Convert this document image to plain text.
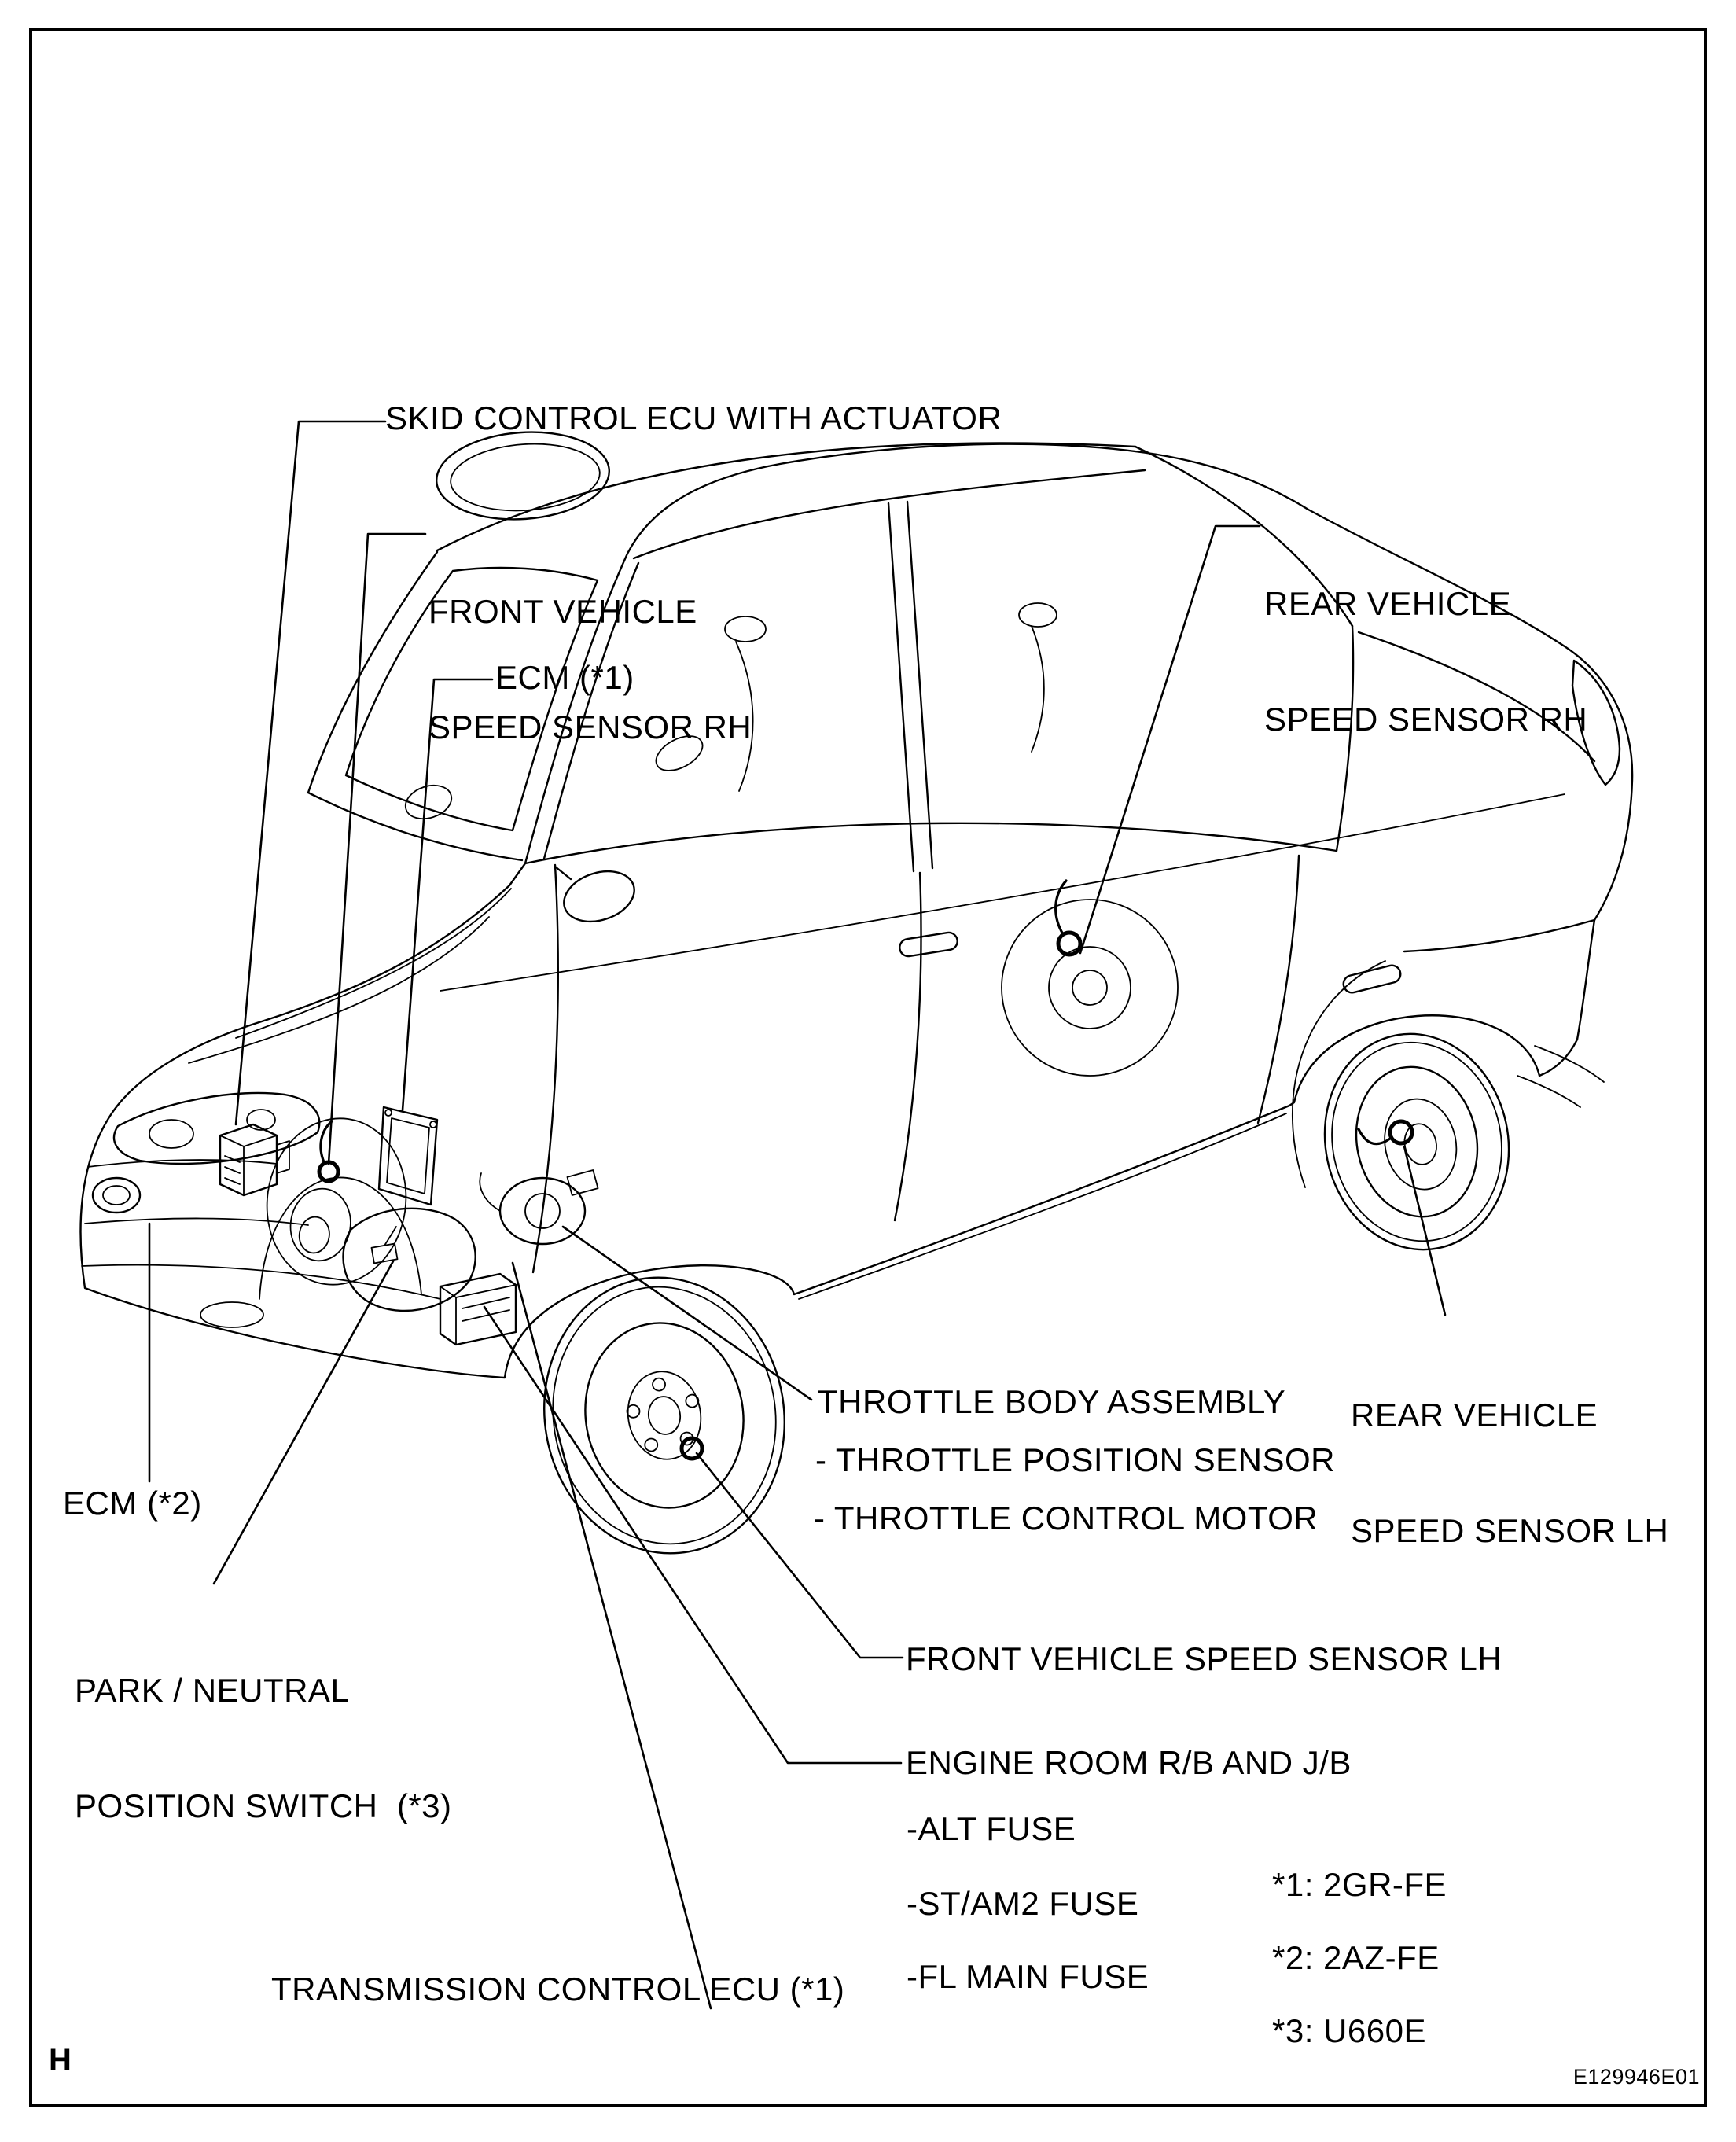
SKID CONTROL ECU WITH ACTUATOR

FRONT VEHICLE

SPEED SENSOR RH

ECM (*1)

REAR VEHICLE

SPEED SENSOR RH

REAR VEHICLE

SPEED SENSOR LH

THROTTLE BODY ASSEMBLY
- THROTTLE POSITION SENSOR
- THROTTLE CONTROL MOTOR
ECM (*2)

PARK / NEUTRAL

POSITION SWITCH  (*3)

FRONT VEHICLE SPEED SENSOR LH
ENGINE ROOM R/B AND J/B
-ALT FUSE
-ST/AM2 FUSE
-FL MAIN FUSE
TRANSMISSION CONTROL ECU (*1)
*1: 2GR-FE
*2: 2AZ-FE
*3: U660E
H	E129946E01
